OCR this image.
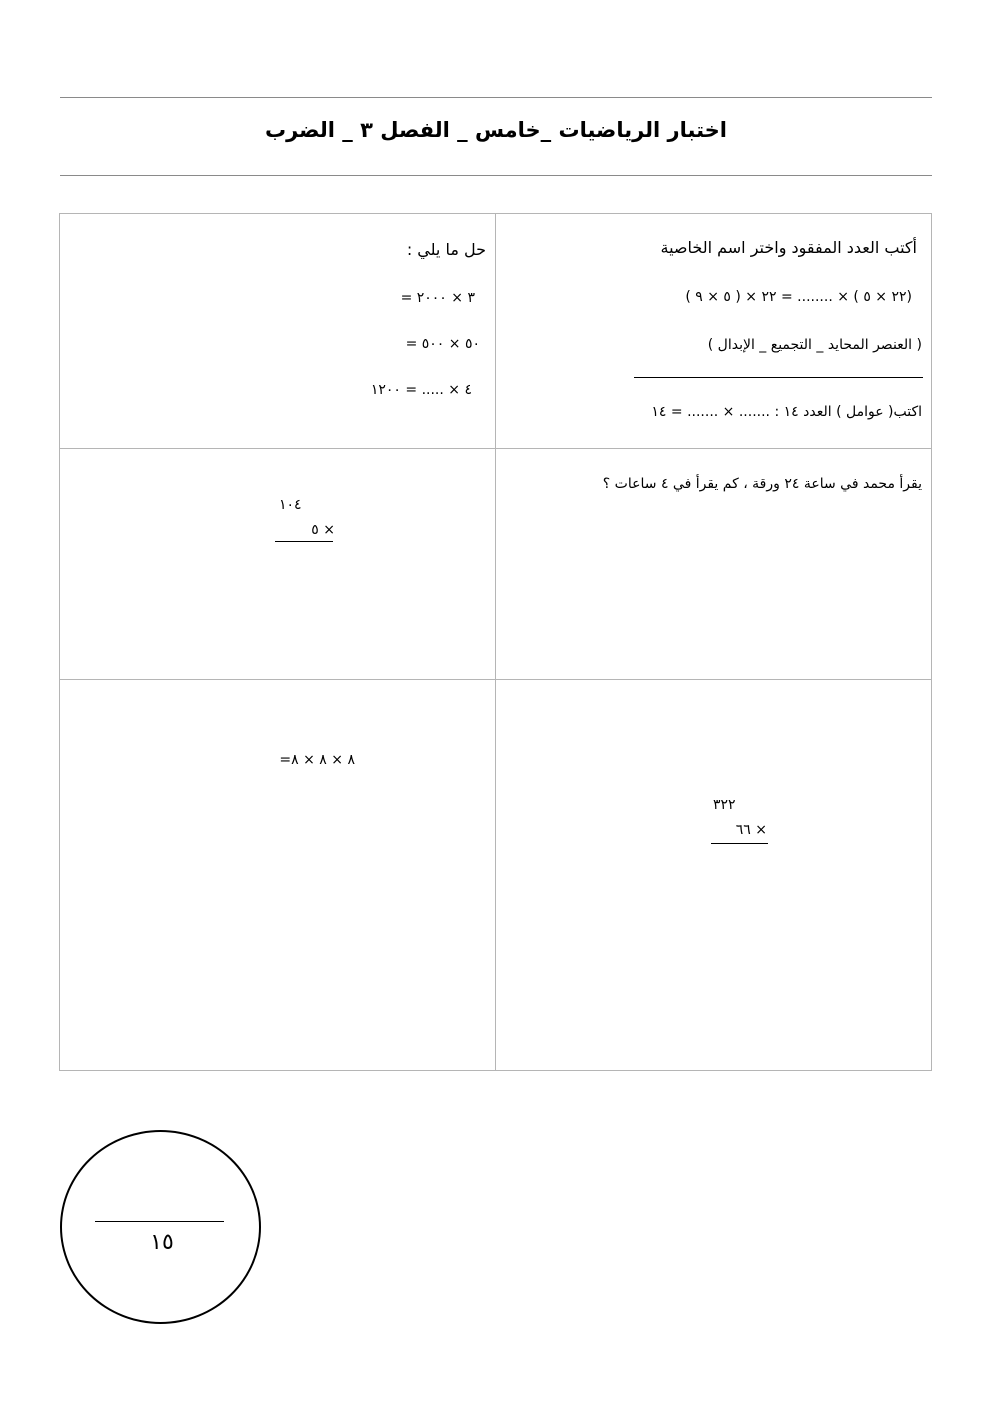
اختبار الرياضيات _خامس _ الفصل ٣ _ الضرب
أكتب العدد المفقود واختر اسم الخاصية
(٢٢ × ٥ ) × ........ = ٢٢ × ( ٥ × ٩ )
( العنصر المحايد _ التجميع _ الإبدال )
اكتب( عوامل ) العدد ١٤ : ....... × ....... = ١٤
حل ما يلي :
٣ × ٢٠٠٠ =
٥٠ × ٥٠٠ =
٤ × ..... = ١٢٠٠
يقرأ محمد في ساعة ٢٤ ورقة ، كم يقرأ في ٤ ساعات ؟
١٠٤
× ٥
٣٢٢
× ٦٦
٨ × ٨ × ٨=
١٥
